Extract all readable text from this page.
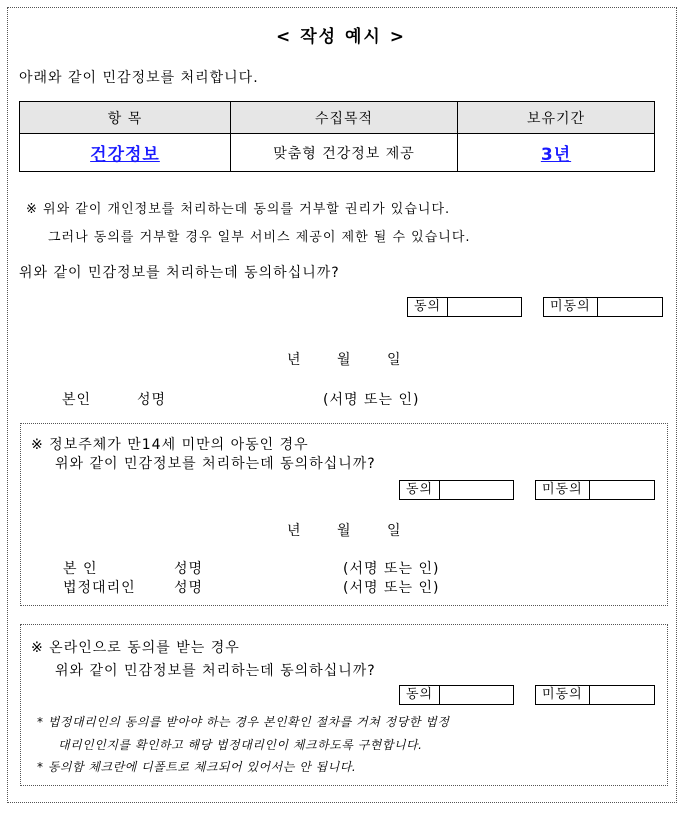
< 작성 예시 >
아래와 같이 민감정보를 처리합니다.
항 목	수집목적	보유기간
건강정보	맞춤형 건강정보 제공	3년
※ 위와 같이 개인정보를 처리하는데 동의를 거부할 권리가 있습니다.
그러나 동의를 거부할 경우 일부 서비스 제공이 제한 될 수 있습니다.
위와 같이 민감정보를 처리하는데 동의하십니까?
동의	미동의
년	월	일
본인	성명	(서명 또는 인)
※ 정보주체가 만14세 미만의 아동인 경우
위와 같이 민감정보를 처리하는데 동의하십니까?
동의	미동의
년	월	일
본 인	성명	(서명 또는 인)
법정대리인	성명	(서명 또는 인)
※ 온라인으로 동의를 받는 경우
위와 같이 민감정보를 처리하는데 동의하십니까?
동의	미동의
* 법정대리인의 동의를 받아야 하는 경우 본인확인 절차를 거쳐 정당한 법정
대리인인지를 확인하고 해당 법정대리인이 체크하도록 구현합니다.
* 동의함 체크란에 디폴트로 체크되어 있어서는 안 됩니다.
